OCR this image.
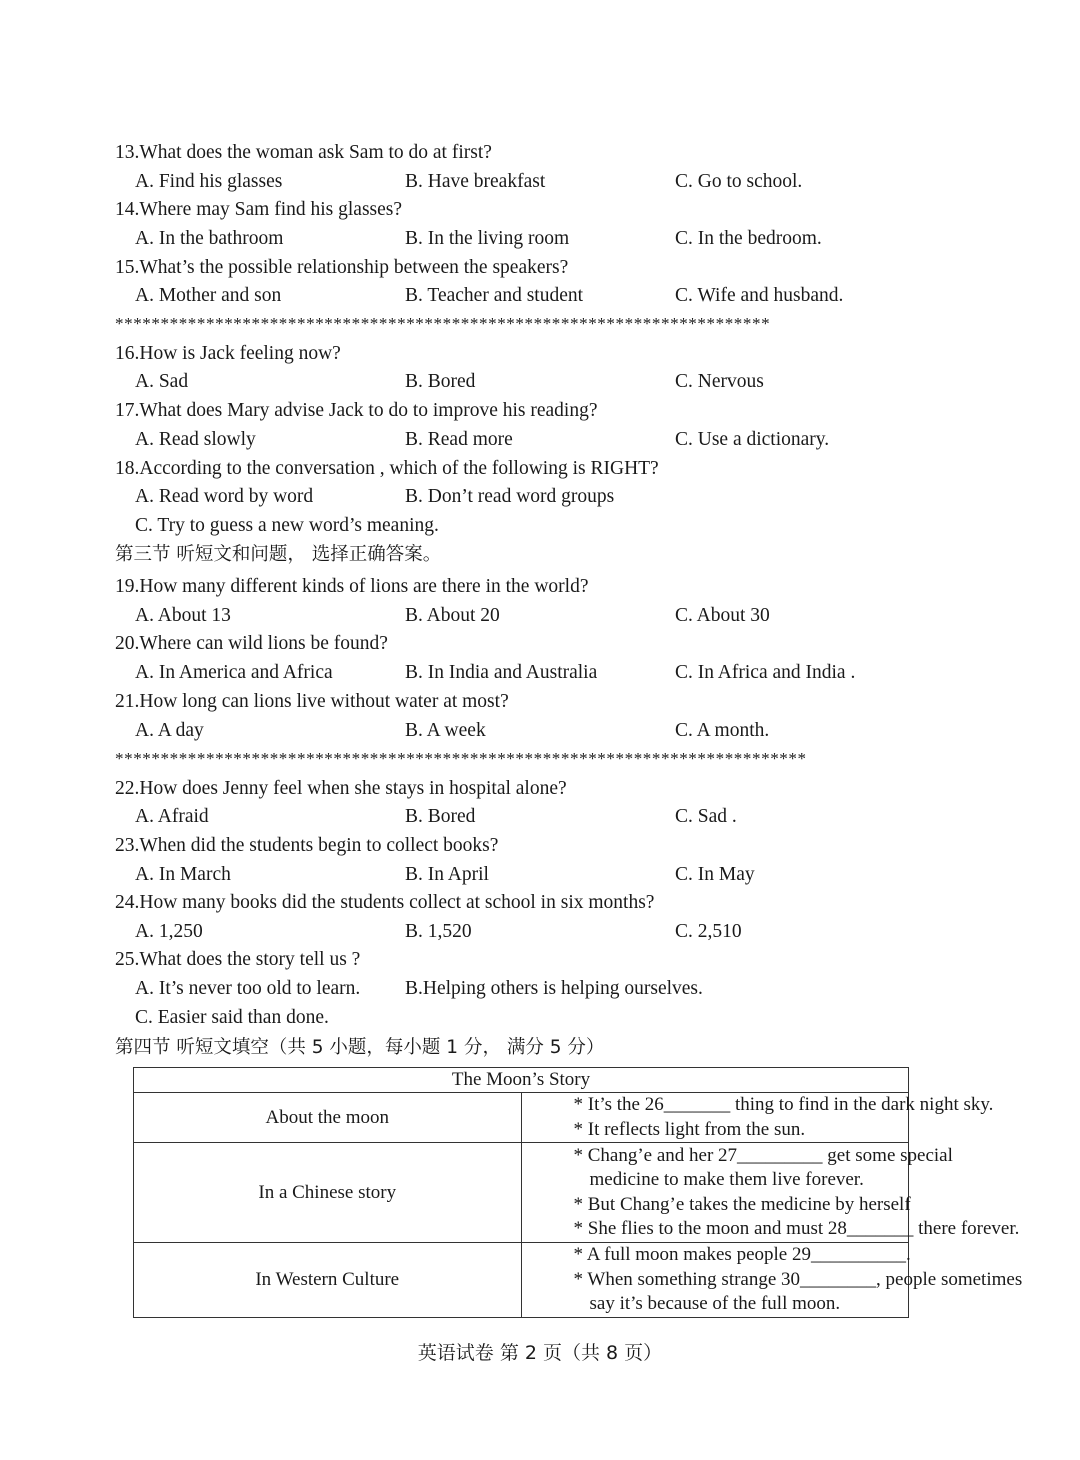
13.What does the woman ask Sam to do at first?
A. Find his glasses	B. Have breakfast	C. Go to school.
14.Where may Sam find his glasses?
A. In the bathroom	B. In the living room	C. In the bedroom.
15.What’s the possible relationship between the speakers?
A. Mother and son	B. Teacher and student	C. Wife and husband.
************************************************************************
16.How is Jack feeling now?
A. Sad	B. Bored	C. Nervous
17.What does Mary advise Jack to do to improve his reading?
A. Read slowly	B. Read more	C. Use a dictionary.
18.According to the conversation , which of the following is RIGHT?
A. Read word by word	B. Don’t read word groups
C. Try to guess a new word’s meaning.
第三节 听短文和问题， 选择正确答案。
19.How many different kinds of lions are there in the world?
A. About 13	B. About 20	C. About 30
20.Where can wild lions be found?
A. In America and Africa	B. In India and Australia	C. In Africa and India .
21.How long can lions live without water at most?
A. A day	B. A week	C. A month.
****************************************************************************
22.How does Jenny feel when she stays in hospital alone?
A. Afraid	B. Bored	C. Sad .
23.When did the students begin to collect books?
A. In March	B. In April	C. In May
24.How many books did the students collect at school in six months?
A. 1,250	B. 1,520	C. 2,510
25.What does the story tell us ?
A. It’s never too old to learn. B.Helping others is helping ourselves.
C. Easier said than done.
第四节 听短文填空（共 5 小题，每小题 1 分， 满分 5 分）
The Moon’s Story	
About the moon	* It’s the 26_______ thing to find in the dark night sky.
* It reflects light from the sun.

In a Chinese story	* Chang’e and her 27_________ get some special
medicine to make them live forever.
* But Chang’e takes the medicine by herself
* She flies to the moon and must 28_______ there forever.

In Western Culture	* A full moon makes people 29__________.
* When something strange 30________, people sometimes
say it’s because of the full moon.
英语试卷 第 2 页（共 8 页）
